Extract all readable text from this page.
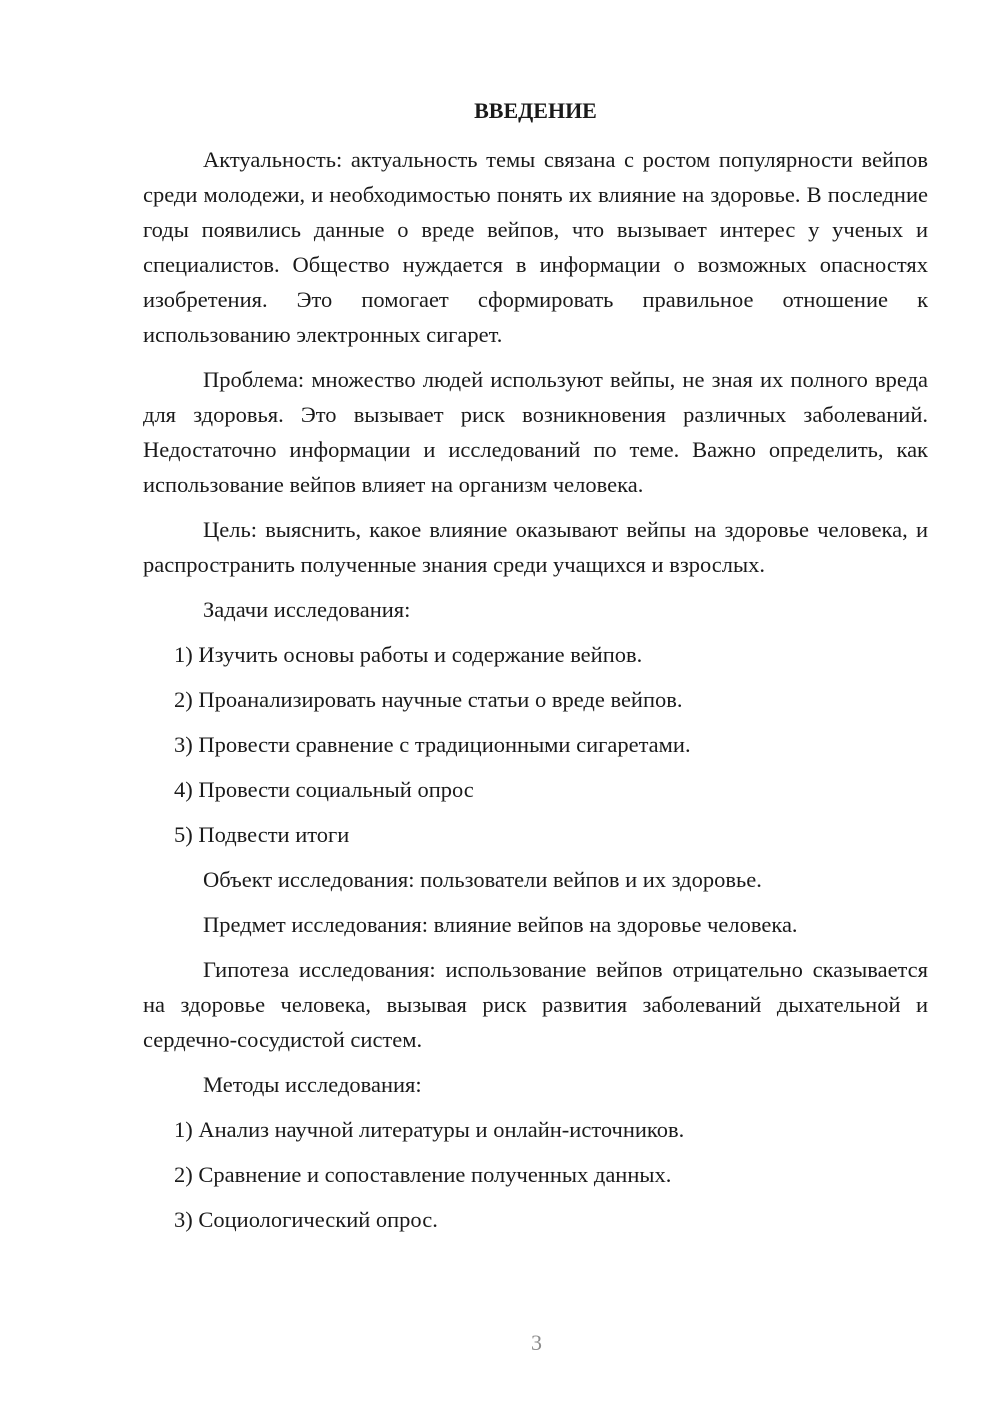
ВВЕДЕНИЕ

Актуальность: актуальность темы связана с ростом популярности вейпов среди молодежи, и необходимостью понять их влияние на здоровье. В последние годы появились данные о вреде вейпов, что вызывает интерес у ученых и специалистов. Общество нуждается в информации о возможных опасностях изобретения. Это помогает сформировать правильное отношение к использованию электронных сигарет.

Проблема: множество людей используют вейпы, не зная их полного вреда для здоровья. Это вызывает риск возникновения различных заболеваний. Недостаточно информации и исследований по теме. Важно определить, как использование вейпов влияет на организм человека.

Цель: выяснить, какое влияние оказывают вейпы на здоровье человека, и распространить полученные знания среди учащихся и взрослых.

Задачи исследования:

1) Изучить основы работы и содержание вейпов.

2) Проанализировать научные статьи о вреде вейпов.

3) Провести сравнение с традиционными сигаретами.

4) Провести социальный опрос

5) Подвести итоги

Объект исследования: пользователи вейпов и их здоровье.

Предмет исследования: влияние вейпов на здоровье человека.

Гипотеза исследования: использование вейпов отрицательно сказывается на здоровье человека, вызывая риск развития заболеваний дыхательной и сердечно-сосудистой систем.

Методы исследования:

1) Анализ научной литературы и онлайн-источников.

2) Сравнение и сопоставление полученных данных.

3) Социологический опрос.

3
